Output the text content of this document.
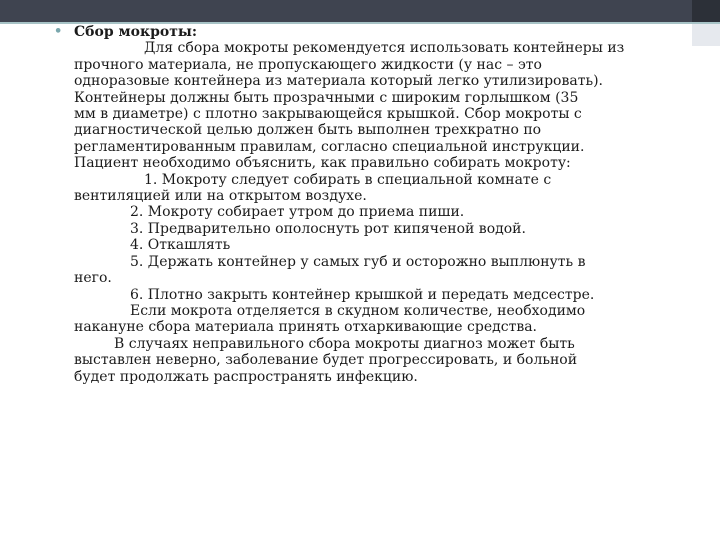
• Сбор мокроты:
Для сбора мокроты рекомендуется использовать контейнеры из
прочного материала, не пропускающего жидкости (у нас – это
одноразовые контейнера из материала который легко утилизировать).
Контейнеры должны быть прозрачными с широким горлышком (35
мм в диаметре) с плотно закрывающейся крышкой. Сбор мокроты с
диагностической целью должен быть выполнен трехкратно по
регламентированным правилам, согласно специальной инструкции.
Пациент необходимо объяснить, как правильно собирать мокроту:
1. Мокроту следует собирать в специальной комнате с
вентиляцией или на открытом воздухе.
2. Мокроту собирает утром до приема пиши.
3. Предварительно ополоснуть рот кипяченой водой.
4. Откашлять
5. Держать контейнер у самых губ и осторожно выплюнуть в
него.
6. Плотно закрыть контейнер крышкой и передать медсестре.
Если мокрота отделяется в скудном количестве, необходимо
накануне сбора материала принять отхаркивающие средства.
В случаях неправильного сбора мокроты диагноз может быть
выставлен неверно, заболевание будет прогрессировать, и больной
будет продолжать распространять инфекцию.
